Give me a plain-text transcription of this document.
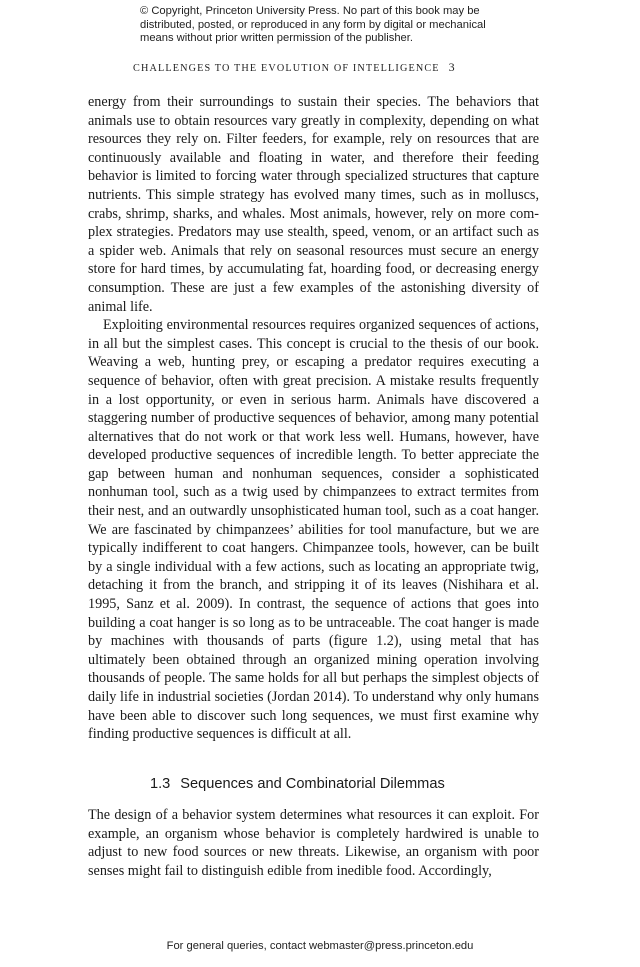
© Copyright, Princeton University Press. No part of this book may be
distributed, posted, or reproduced in any form by digital or mechanical
means without prior written permission of the publisher.
CHALLENGES TO THE EVOLUTION OF INTELLIGENCE 3

energy from their surroundings to sustain their species. The behaviors that animals use to obtain resources vary greatly in complexity, depending on what resources they rely on. Filter feeders, for example, rely on resources that are continuously available and floating in water, and therefore their feeding behavior is limited to forcing water through specialized structures that capture nutrients. This simple strategy has evolved many times, such as in molluscs, crabs, shrimp, sharks, and whales. Most animals, however, rely on more complex strategies. Predators may use stealth, speed, venom, or an artifact such as a spider web. Animals that rely on seasonal resources must secure an energy store for hard times, by accumulating fat, hoarding food, or decreasing energy consumption. These are just a few examples of the astonishing diversity of animal life.

Exploiting environmental resources requires organized sequences of actions, in all but the simplest cases. This concept is crucial to the thesis of our book. Weaving a web, hunting prey, or escaping a predator requires executing a sequence of behavior, often with great precision. A mistake results frequently in a lost opportunity, or even in serious harm. Animals have discovered a staggering number of productive sequences of behavior, among many potential alternatives that do not work or that work less well. Humans, however, have developed productive sequences of incredible length. To better appreciate the gap between human and nonhuman sequences, consider a sophisticated nonhuman tool, such as a twig used by chimpanzees to extract termites from their nest, and an outwardly unsophisticated human tool, such as a coat hanger. We are fascinated by chimpanzees’ abilities for tool manufacture, but we are typically indifferent to coat hangers. Chimpanzee tools, however, can be built by a single individual with a few actions, such as locating an appropriate twig, detaching it from the branch, and stripping it of its leaves (Nishihara et al. 1995, Sanz et al. 2009). In contrast, the sequence of actions that goes into building a coat hanger is so long as to be untraceable. The coat hanger is made by machines with thousands of parts (figure 1.2), using metal that has ultimately been obtained through an organized mining operation involving thousands of people. The same holds for all but perhaps the simplest objects of daily life in industrial societies (Jordan 2014). To understand why only humans have been able to discover such long sequences, we must first examine why finding productive sequences is difficult at all.

1.3 Sequences and Combinatorial Dilemmas

The design of a behavior system determines what resources it can exploit. For example, an organism whose behavior is completely hardwired is unable to adjust to new food sources or new threats. Likewise, an organism with poor senses might fail to distinguish edible from inedible food. Accordingly,

For general queries, contact webmaster@press.princeton.edu
